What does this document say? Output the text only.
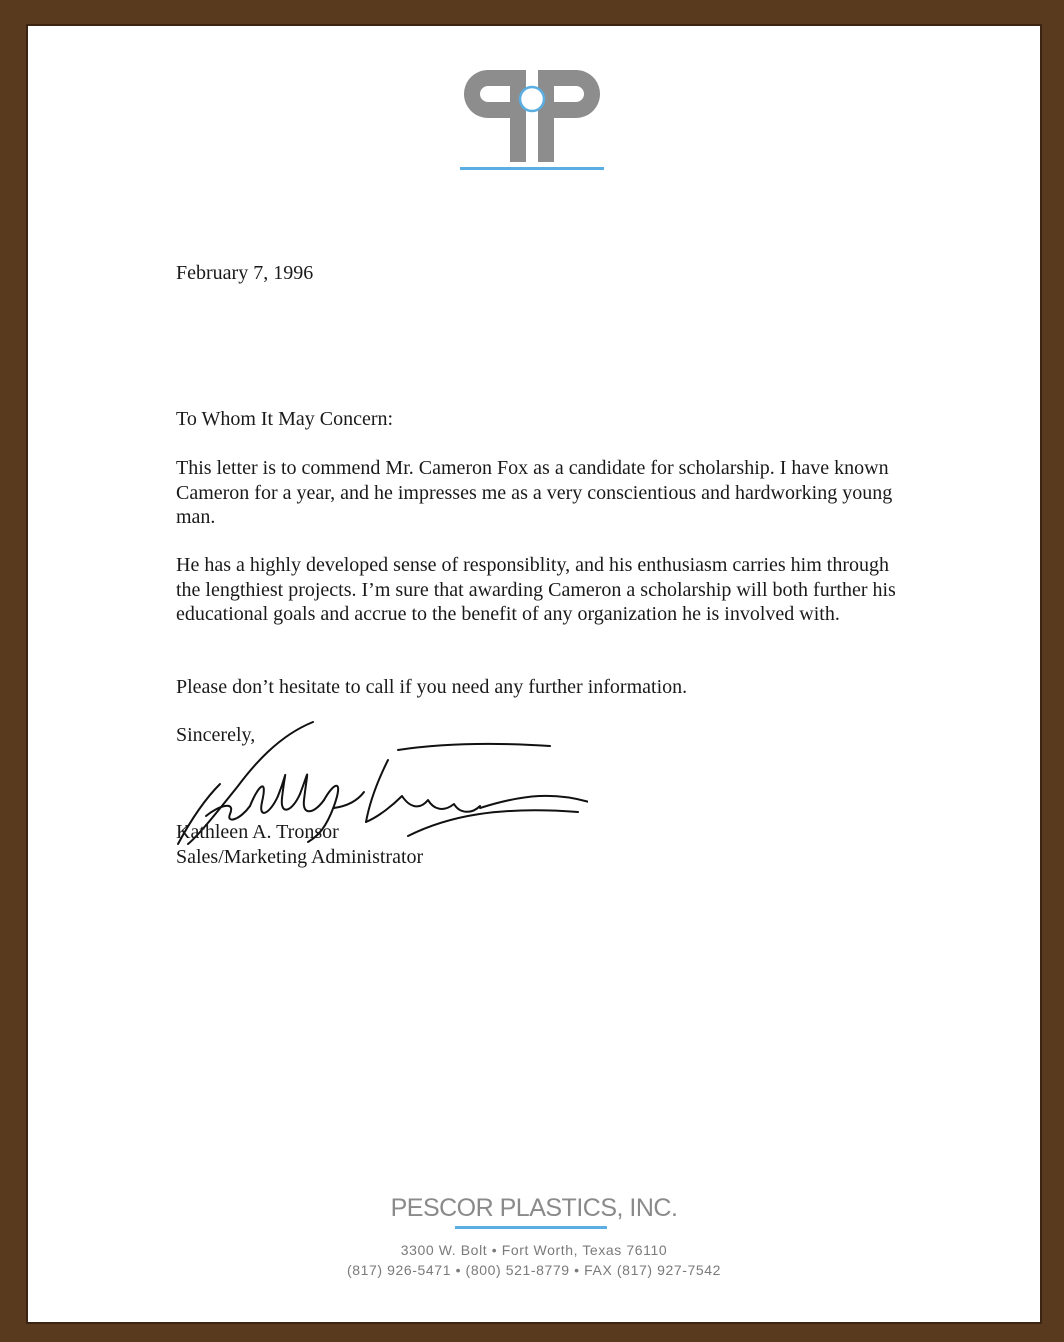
February 7, 1996
To Whom It May Concern:

This letter is to commend Mr. Cameron Fox as a candidate for scholarship. I have known Cameron for a year, and he impresses me as a very conscientious and hardworking young man.

He has a highly developed sense of responsiblity, and his enthusiasm carries him through the lengthiest projects. I’m sure that awarding Cameron a scholarship will both further his educational goals and accrue to the benefit of any organization he is involved with.

Please don’t hesitate to call if you need any further information.

Sincerely,
Kathleen A. Tronsor
Sales/Marketing Administrator
PESCOR PLASTICS, INC.
3300 W. Bolt • Fort Worth, Texas 76110
(817) 926-5471 • (800) 521-8779 • FAX (817) 927-7542
